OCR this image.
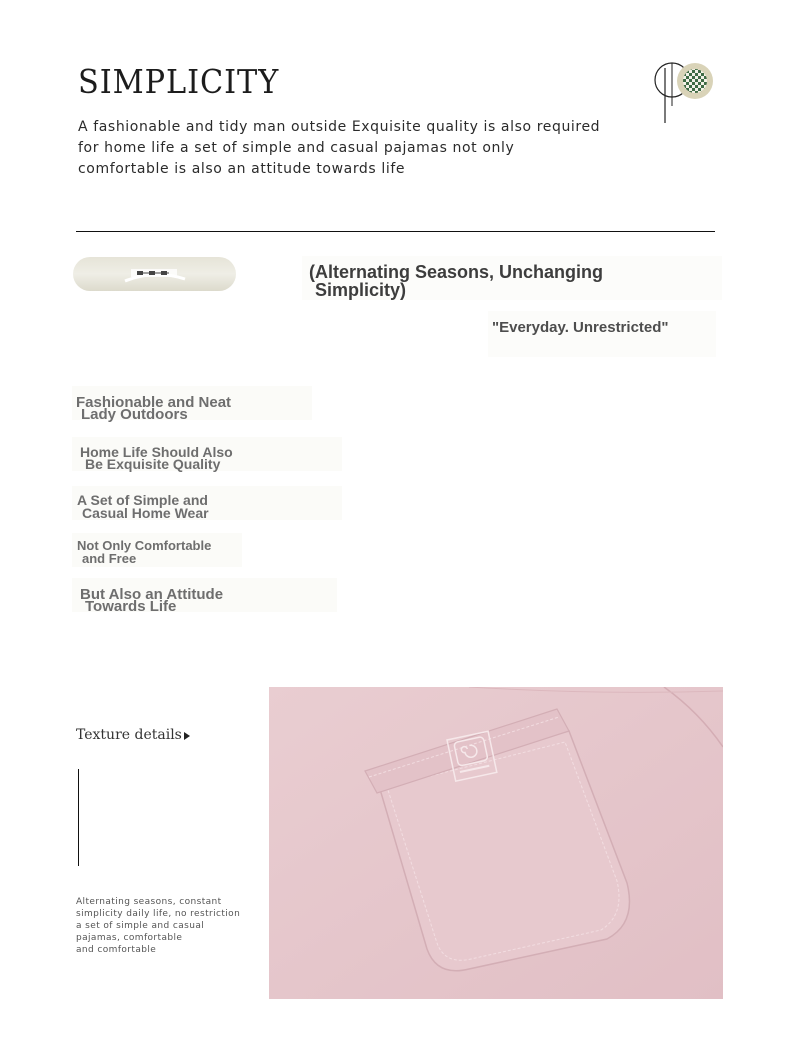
SIMPLICITY
A fashionable and tidy man outside Exquisite quality is also required
for home life a set of simple and casual pajamas not only
comfortable is also an attitude towards life
(Alternating Seasons, Unchanging
Simplicity)
"Everyday. Unrestricted"
Fashionable and Neat
Lady Outdoors
Home Life Should Also
Be Exquisite Quality
A Set of Simple and
Casual Home Wear
Not Only Comfortable
and Free
But Also an Attitude
Towards Life
Texture details
Alternating seasons, constant
simplicity daily life, no restriction
a set of simple and casual
pajamas, comfortable
and comfortable
